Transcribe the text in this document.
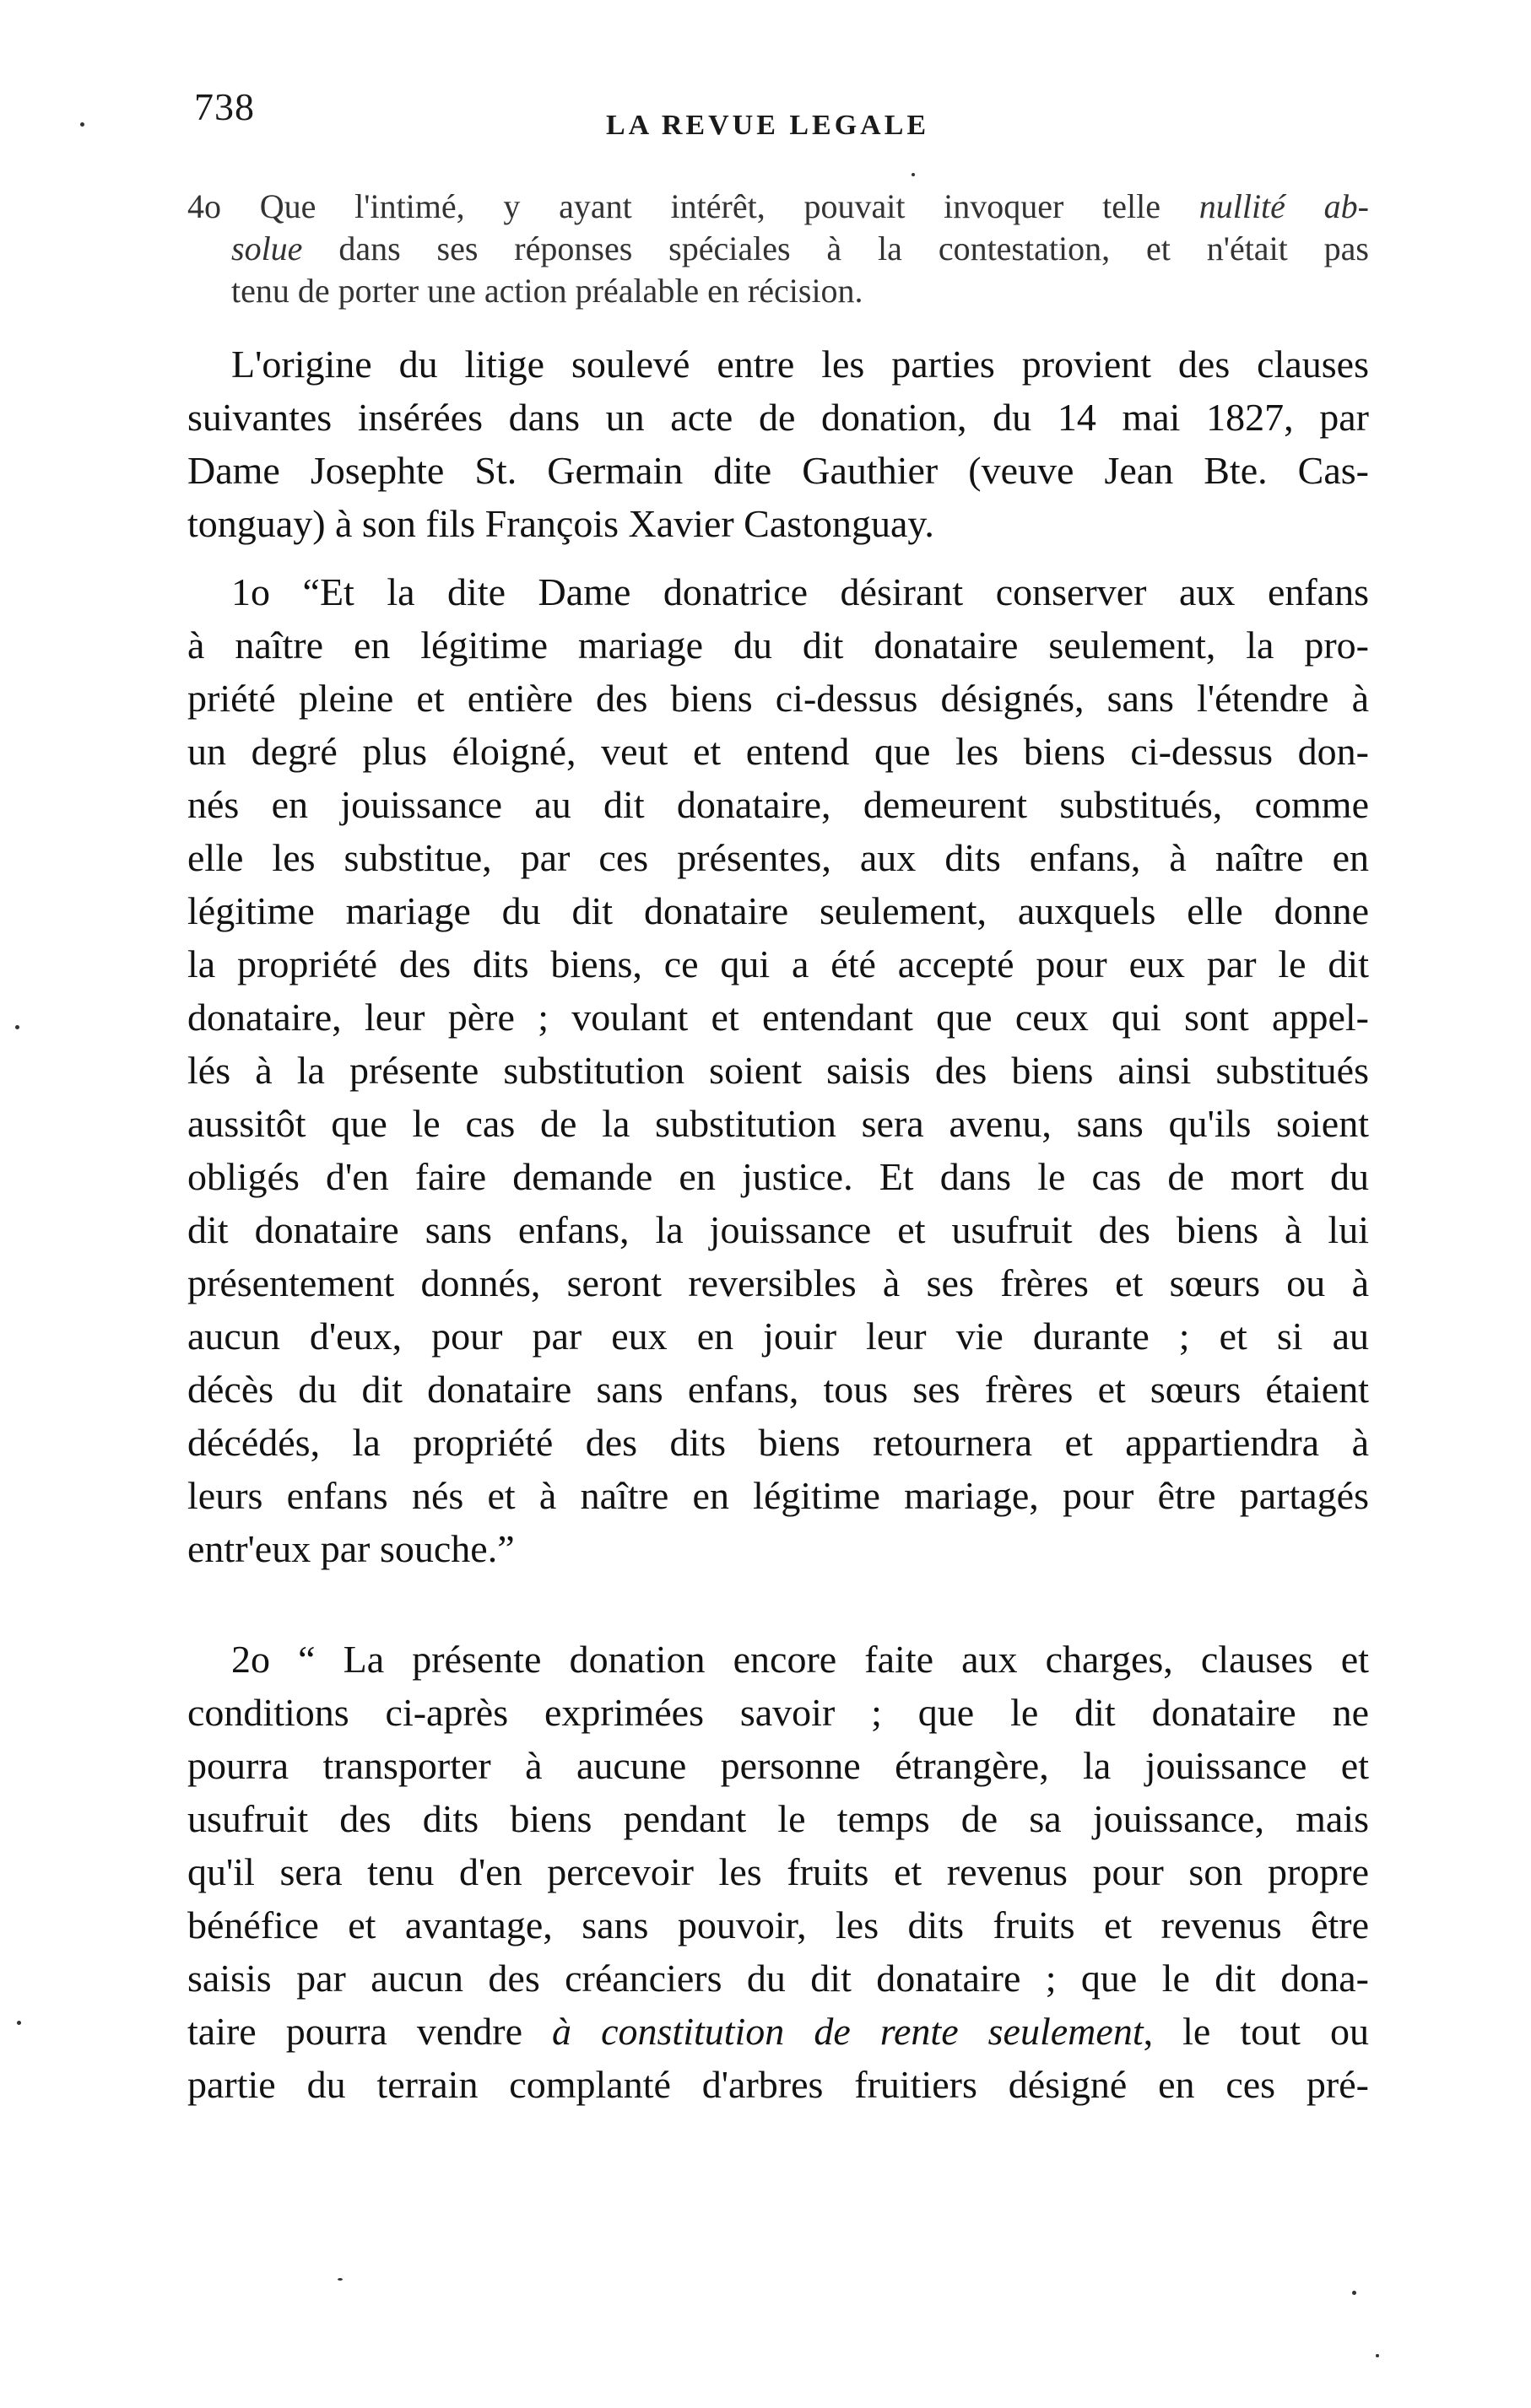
738	LA REVUE LEGALE
4o Que l'intimé, y ayant intérêt, pouvait invoquer telle nullité ab-
solue dans ses réponses spéciales à la contestation, et n'était pas
tenu de porter une action préalable en récision.
L'origine du litige soulevé entre les parties provient des clauses
suivantes insérées dans un acte de donation, du 14 mai 1827, par
Dame Josephte St. Germain dite Gauthier (veuve Jean Bte. Cas-
tonguay) à son fils François Xavier Castonguay.
1o “Et la dite Dame donatrice désirant conserver aux enfans
à naître en légitime mariage du dit donataire seulement, la pro-
priété pleine et entière des biens ci-dessus désignés, sans l'étendre à
un degré plus éloigné, veut et entend que les biens ci-dessus don-
nés en jouissance au dit donataire, demeurent substitués, comme
elle les substitue, par ces présentes, aux dits enfans, à naître en
légitime mariage du dit donataire seulement, auxquels elle donne
la propriété des dits biens, ce qui a été accepté pour eux par le dit
donataire, leur père ; voulant et entendant que ceux qui sont appel-
lés à la présente substitution soient saisis des biens ainsi substitués
aussitôt que le cas de la substitution sera avenu, sans qu'ils soient
obligés d'en faire demande en justice. Et dans le cas de mort du
dit donataire sans enfans, la jouissance et usufruit des biens à lui
présentement donnés, seront reversibles à ses frères et sœurs ou à
aucun d'eux, pour par eux en jouir leur vie durante ; et si au
décès du dit donataire sans enfans, tous ses frères et sœurs étaient
décédés, la propriété des dits biens retournera et appartiendra à
leurs enfans nés et à naître en légitime mariage, pour être partagés
entr'eux par souche.”
2o “ La présente donation encore faite aux charges, clauses et
conditions ci-après exprimées savoir ; que le dit donataire ne
pourra transporter à aucune personne étrangère, la jouissance et
usufruit des dits biens pendant le temps de sa jouissance, mais
qu'il sera tenu d'en percevoir les fruits et revenus pour son propre
bénéfice et avantage, sans pouvoir, les dits fruits et revenus être
saisis par aucun des créanciers du dit donataire ; que le dit dona-
taire pourra vendre à constitution de rente seulement, le tout ou
partie du terrain complanté d'arbres fruitiers désigné en ces pré-
